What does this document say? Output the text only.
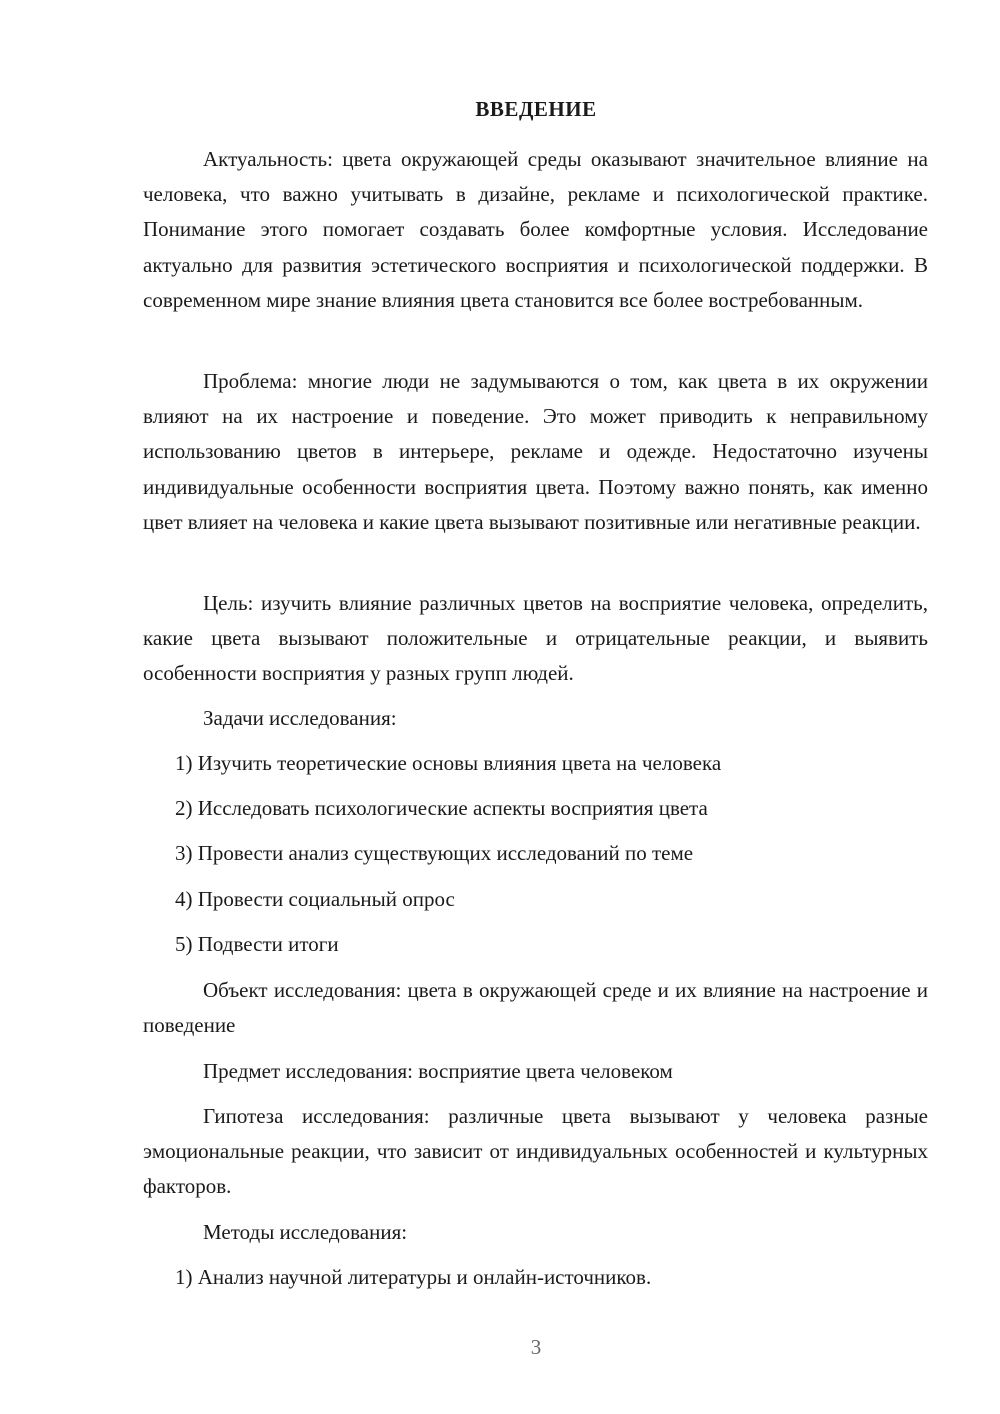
ВВЕДЕНИЕ
Актуальность: цвета окружающей среды оказывают значительное влияние на человека, что важно учитывать в дизайне, рекламе и психологической практике. Понимание этого помогает создавать более комфортные условия. Исследование актуально для развития эстетического восприятия и психологической поддержки. В современном мире знание влияния цвета становится все более востребованным.
Проблема: многие люди не задумываются о том, как цвета в их окружении влияют на их настроение и поведение. Это может приводить к неправильному использованию цветов в интерьере, рекламе и одежде. Недостаточно изучены индивидуальные особенности восприятия цвета. Поэтому важно понять, как именно цвет влияет на человека и какие цвета вызывают позитивные или негативные реакции.
Цель: изучить влияние различных цветов на восприятие человека, определить, какие цвета вызывают положительные и отрицательные реакции, и выявить особенности восприятия у разных групп людей.
Задачи исследования:
1) Изучить теоретические основы влияния цвета на человека
2) Исследовать психологические аспекты восприятия цвета
3) Провести анализ существующих исследований по теме
4) Провести социальный опрос
5) Подвести итоги
Объект исследования: цвета в окружающей среде и их влияние на настроение и поведение
Предмет исследования: восприятие цвета человеком
Гипотеза исследования: различные цвета вызывают у человека разные эмоциональные реакции, что зависит от индивидуальных особенностей и культурных факторов.
Методы исследования:
1) Анализ научной литературы и онлайн-источников.
3
